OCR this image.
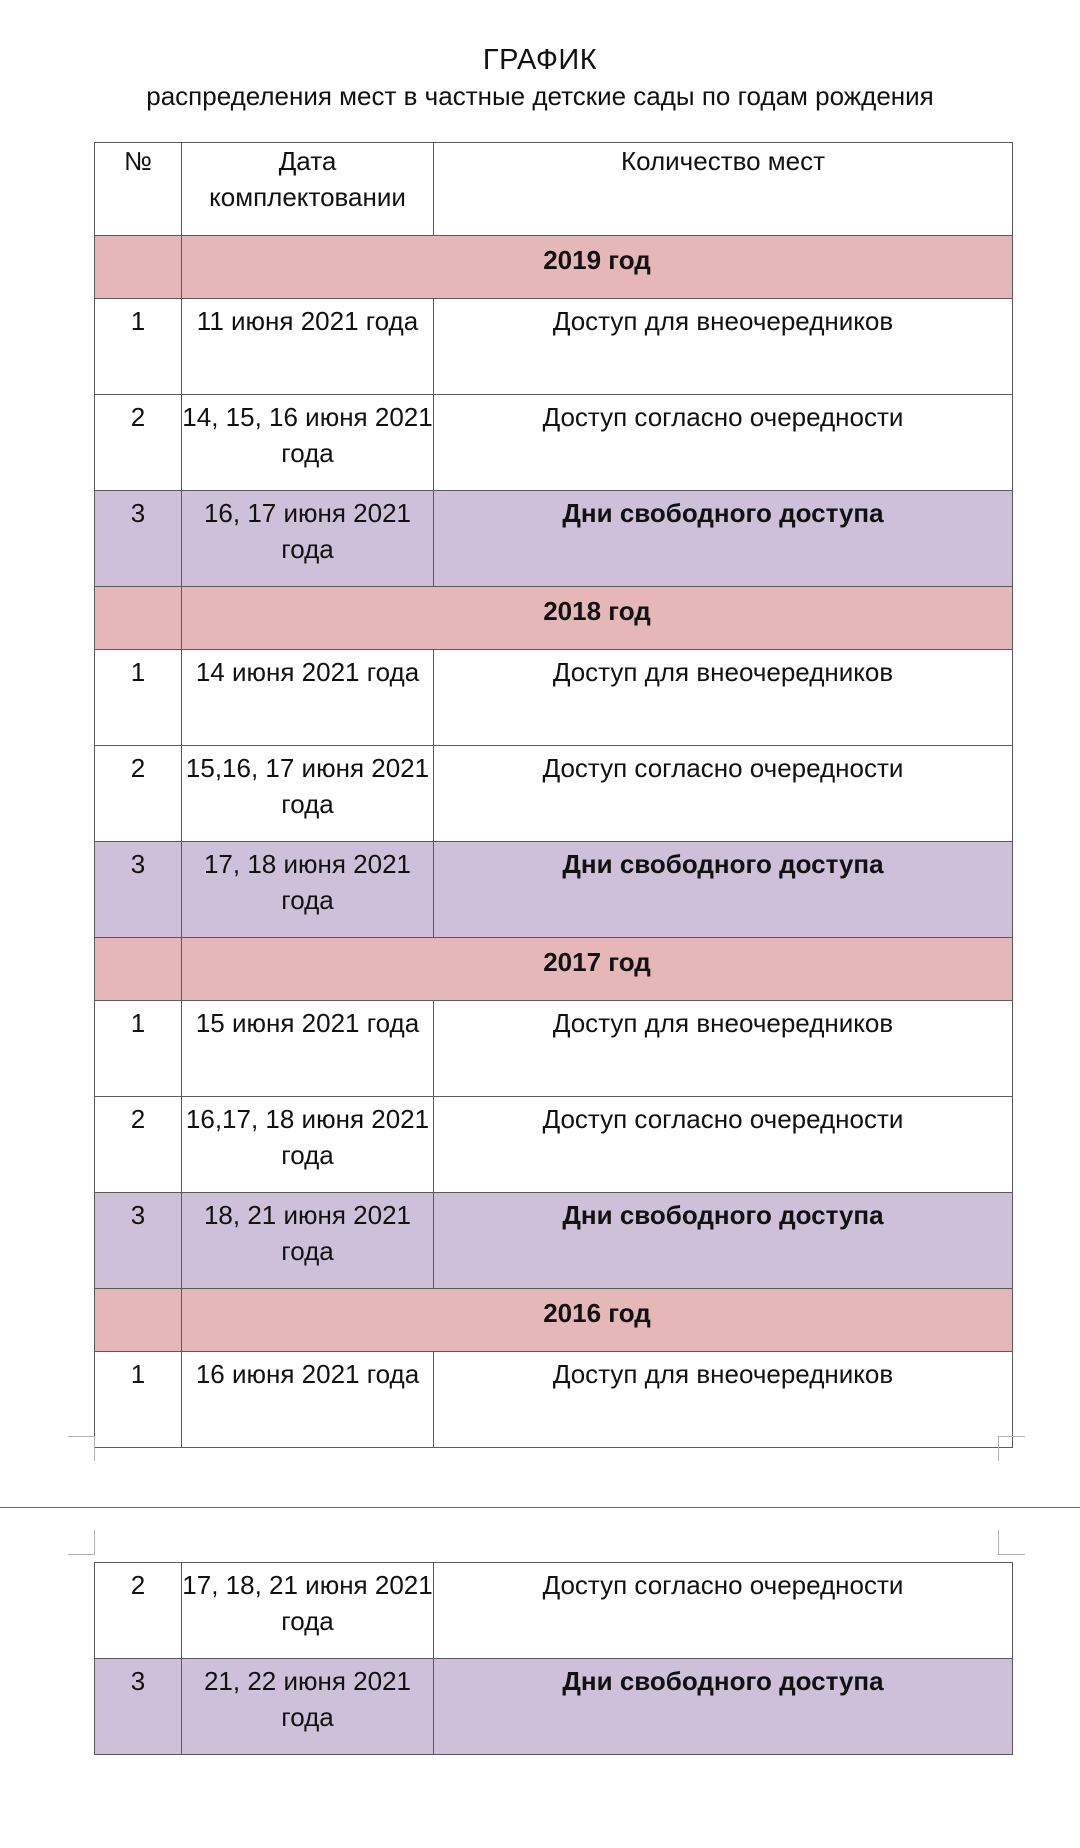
ГРАФИК
распределения мест в частные детские сады по годам рождения
№	Дата комплектовании	Количество мест
	2019 год	
1	11 июня 2021 года	Доступ для внеочередников
2	14, 15, 16 июня 2021 года	Доступ согласно очередности
3	16, 17 июня 2021 года	Дни свободного доступа
	2018 год	
1	14 июня 2021 года	Доступ для внеочередников
2	15,16, 17 июня 2021 года	Доступ согласно очередности
3	17, 18 июня 2021 года	Дни свободного доступа
	2017 год	
1	15 июня 2021 года	Доступ для внеочередников
2	16,17, 18 июня 2021 года	Доступ согласно очередности
3	18, 21 июня 2021 года	Дни свободного доступа
	2016 год	
1	16 июня 2021 года	Доступ для внеочередников
2	17, 18, 21 июня 2021 года	Доступ согласно очередности
3	21, 22 июня 2021 года	Дни свободного доступа
